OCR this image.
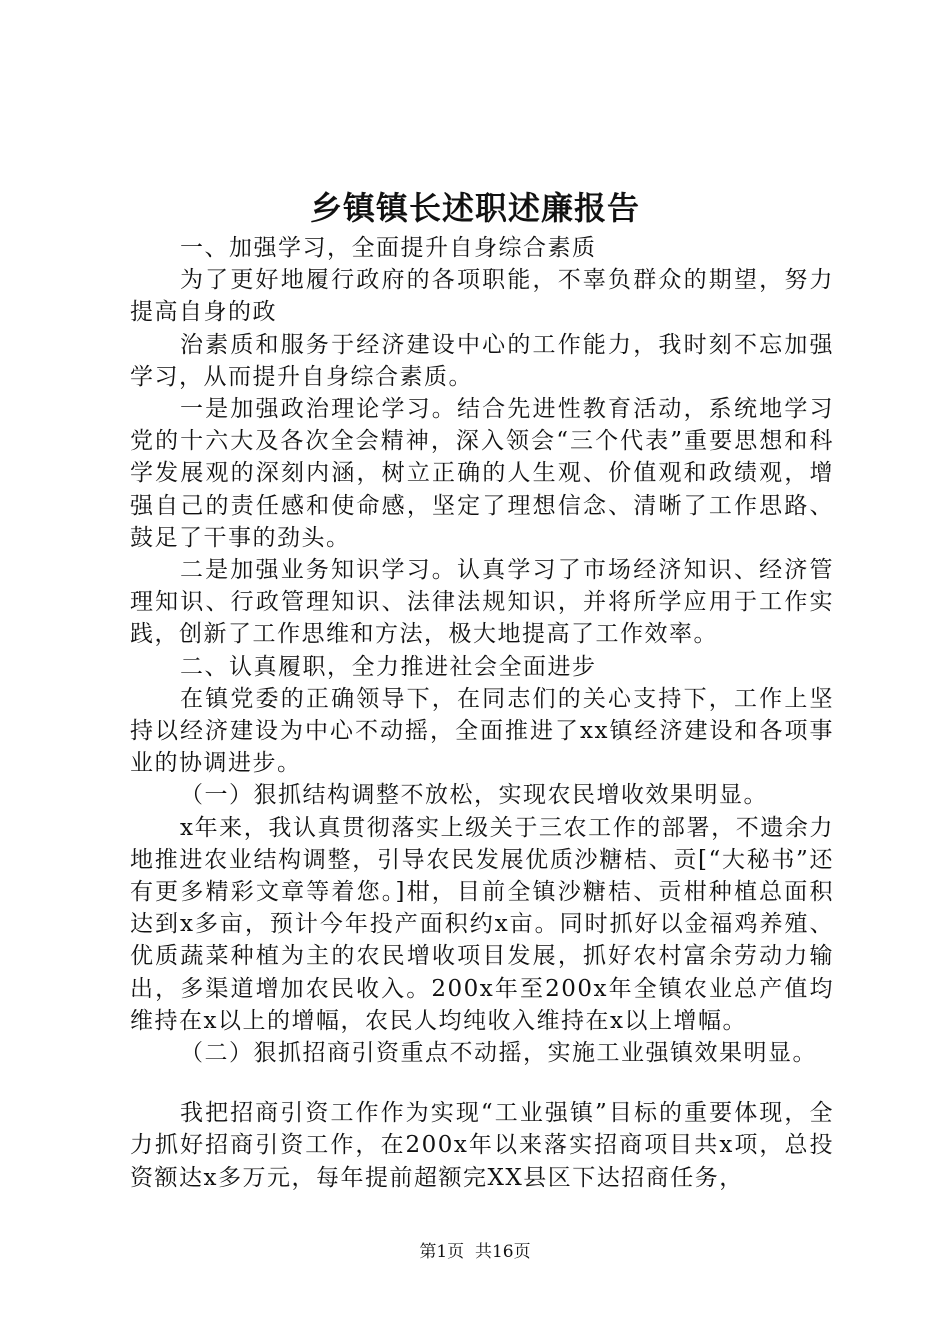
乡镇镇长述职述廉报告

一、加强学习，全面提升自身综合素质

为了更好地履行政府的各项职能，不辜负群众的期望，努力提高自身的政

治素质和服务于经济建设中心的工作能力，我时刻不忘加强学习，从而提升自身综合素质。

一是加强政治理论学习。结合先进性教育活动，系统地学习党的十六大及各次全会精神，深入领会“三个代表”重要思想和科学发展观的深刻内涵，树立正确的人生观、价值观和政绩观，增强自己的责任感和使命感，坚定了理想信念、清晰了工作思路、鼓足了干事的劲头。

二是加强业务知识学习。认真学习了市场经济知识、经济管理知识、行政管理知识、法律法规知识，并将所学应用于工作实践，创新了工作思维和方法，极大地提高了工作效率。

二、认真履职，全力推进社会全面进步

在镇党委的正确领导下，在同志们的关心支持下，工作上坚持以经济建设为中心不动摇，全面推进了xx镇经济建设和各项事业的协调进步。

（一）狠抓结构调整不放松，实现农民增收效果明显。

x年来，我认真贯彻落实上级关于三农工作的部署，不遗余力地推进农业结构调整，引导农民发展优质沙糖桔、贡[“大秘书”还有更多精彩文章等着您。]柑，目前全镇沙糖桔、贡柑种植总面积达到x多亩，预计今年投产面积约x亩。同时抓好以金福鸡养殖、优质蔬菜种植为主的农民增收项目发展，抓好农村富余劳动力输出，多渠道增加农民收入。200x年至200x年全镇农业总产值均维持在x以上的增幅，农民人均纯收入维持在x以上增幅。

（二）狠抓招商引资重点不动摇，实施工业强镇效果明显。

我把招商引资工作作为实现“工业强镇”目标的重要体现，全力抓好招商引资工作，在200x年以来落实招商项目共x项，总投资额达x多万元，每年提前超额完XX县区下达招商任务，

第1页  共16页
